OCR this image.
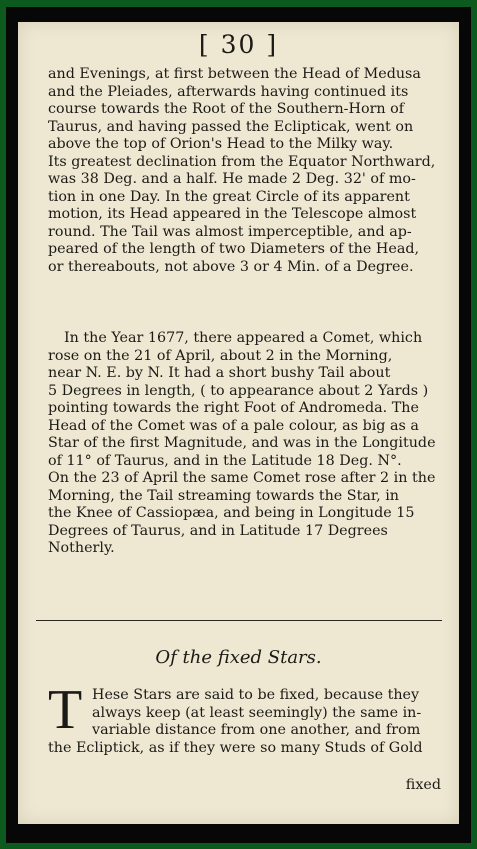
[ 30 ]
and Evenings, at first between the Head of Medusa
and the Pleiades, afterwards having continued its
course towards the Root of the Southern-Horn of
Taurus, and having passed the Eclipticak, went on
above the top of Orion's Head to the Milky way.
Its greatest declination from the Equator Northward,
was 38 Deg. and a half. He made 2 Deg. 32' of mo-
tion in one Day. In the great Circle of its apparent
motion, its Head appeared in the Telescope almost
round. The Tail was almost imperceptible, and ap-
peared of the length of two Diameters of the Head,
or thereabouts, not above 3 or 4 Min. of a Degree.
In the Year 1677, there appeared a Comet, which
rose on the 21 of April, about 2 in the Morning,
near N. E. by N. It had a short bushy Tail about
5 Degrees in length, ( to appearance about 2 Yards )
pointing towards the right Foot of Andromeda. The
Head of the Comet was of a pale colour, as big as a
Star of the first Magnitude, and was in the Longitude
of 11° of Taurus, and in the Latitude 18 Deg. N°.
On the 23 of April the same Comet rose after 2 in the
Morning, the Tail streaming towards the Star, in
the Knee of Cassiopæa, and being in Longitude 15
Degrees of Taurus, and in Latitude 17 Degrees
Notherly.
Of the fixed Stars.
T Hese Stars are said to be fixed, because they
always keep (at least seemingly) the same in-
variable distance from one another, and from
the Ecliptick, as if they were so many Studs of Gold
fixed
